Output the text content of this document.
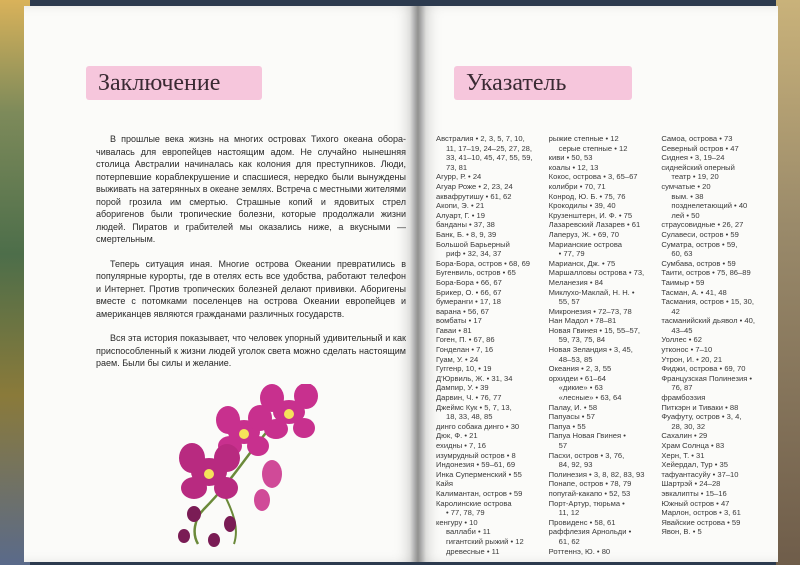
Заключение

В прошлые века жизнь на многих островах Тихого океана оборачивалась для европейцев настоящим адом. Не случайно нынешняя столица Австралии начиналась как колония для преступников. Люди, потерпевшие кораблекрушение и спасшиеся, нередко были вынуждены выживать на затерянных в океане землях. Встреча с местными жителями порой грозила им смертью. Страшные копий и ядовитых стрел аборигенов были тропические болезни, которые продолжали жизни людей. Пиратов и грабителей мы оказались ниже, а вкусными — смертельным.

Теперь ситуация иная. Многие острова Океании превратились в популярные курорты, где в отелях есть все удобства, работают телефон и Интернет. Против тропических болезней делают прививки. Аборигены вместе с потомками поселенцев на острова Океании европейцев и американцев являются гражданами различных государств.

Вся эта история показывает, что человек упорный удивительный и как приспособленный к жизни людей уголок света можно сделать настоящим раем. Были бы силы и желание.

Указатель
Австралия • 2, 3, 5, 7, 10,
11, 17–19, 24–25, 27, 28,
33, 41–10, 45, 47, 55, 59,
73, 81
Агурр, Р. • 24
Агуар Роже • 2, 23, 24
аквафрутишу • 61, 62
Акопи, Э. • 21
Алуарт, Г. • 19
банданы • 37, 38
Банк, Б. • 8, 9, 39
Большой Барьерный
риф • 32, 34, 37
Бора-Бора, остров • 68, 69
Бугенвиль, остров • 65
Бора-Бора • 66, 67
Брикер, О. • 66, 67
бумеранги • 17, 18
варана • 56, 67
вомбаты • 17
Гаваи • 81
Гоген, П. • 67, 86
Гонделан • 7, 16
Гуам, У. • 24
Гуггенр, 10, • 19
Д'Юрвиль, Ж. • 31, 34
Дампир, У. • 39
Дарвин, Ч. • 76, 77
Джеймс Кук • 5, 7, 13,
18, 33, 48, 85
динго собака динго • 30
Дюк, Ф. • 21
ехидны • 7, 16
изумрудный остров • 8
Индонезия • 59–61, 69
Инка Суперменский • 55
Кайя
Калимантан, остров • 59
Каролинские острова
• 77, 78, 79
кенгуру • 10
валлаби • 11
гигантский рыжий • 12
древесные • 11
рыжие степные • 12
серые степные • 12
киви • 50, 53
коалы • 12, 13
Кокос, острова • 3, 65–67
колибри • 70, 71
Конрод, Ю. Б. • 75, 76
Крокодилы • 39, 40
Крузенштерн, И. Ф. • 75
Лазаревский Лазарев • 61
Лаперуз, Ж. • 69, 70
Марианские острова
• 77, 79
Марианск, Дж. • 75
Маршалловы острова • 73,
Меланезия • 84
Миклухо-Маклай, Н. Н. •
55, 57
Микронезия • 72–73, 78
Нан Мадол • 78–81
Новая Гвинея • 15, 55–57,
59, 73, 75, 84
Новая Зеландия • 3, 45,
48–53, 85
Океания • 2, 3, 55
орхидеи • 61–64
«дикие» • 63
«лесные» • 63, 64
Палау, И. • 58
Папуасы • 57
Папуа • 55
Папуа Новая Гвинея •
57
Пасхи, остров • 3, 76,
84, 92, 93
Полинезия • 3, 8, 82, 83, 93
Понапе, остров • 78, 79
попугай-какапо • 52, 53
Порт-Артур, тюрьма •
11, 12
Провиденс • 58, 61
раффлезия Арнольди •
61, 62
Роттеннэ, Ю. • 80
Самоа, острова • 73
Северный остров • 47
Сиднея • 3, 19–24
сиднейский оперный
театр • 19, 20
сумчатые • 20
вым. • 38
позднелетающий • 40
лей • 50
страусовидные • 26, 27
Сулавеси, остров • 59
Суматра, остров • 59,
60, 63
Сумбава, остров • 59
Таити, остров • 75, 86–89
Таимыр • 59
Тасман, А. • 41, 48
Тасмания, остров • 15, 30,
42
тасманийский дьявол • 40,
43–45
Уоллес • 62
утконос • 7–10
Утрон, И. • 20, 21
Фиджи, острова • 69, 70
Французская Полинезия •
76, 87
фрамбоэзия
Питкэрн и Тиваки • 88
Фуафуту, остров • 3, 4,
28, 30, 32
Сахалин • 29
Храм Солнца • 83
Херн, Т. • 31
Хейердал, Тур • 35
тафуантасуйу • 37–10
Шартрэй • 24–28
эвкалипты • 15–16
Южный остров • 47
Марлон, остров • 3, 61
Явайские острова • 59
Явон, В. • 5
